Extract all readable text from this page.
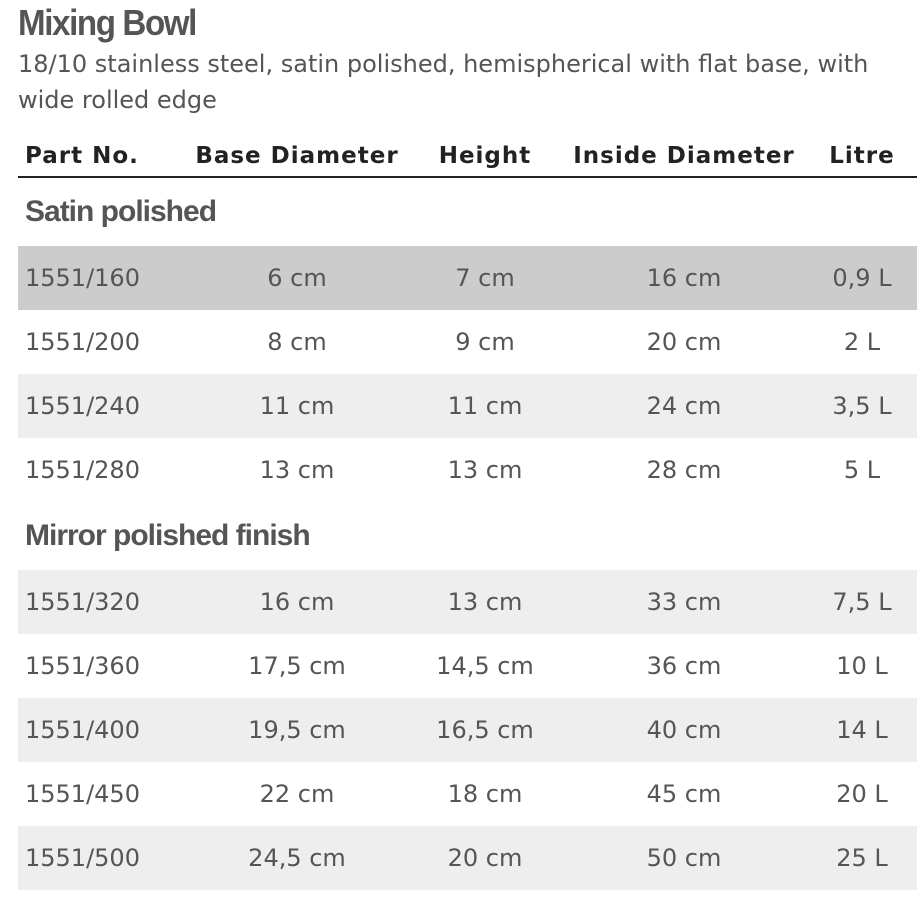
Mixing Bowl
18/10 stainless steel, satin polished, hemispherical with flat base, with wide rolled edge
Part No.	Base Diameter	Height	Inside Diameter	Litre
Satin polished				
1551/160	6 cm	7 cm	16 cm	0,9 L
1551/200	8 cm	9 cm	20 cm	2 L
1551/240	11 cm	11 cm	24 cm	3,5 L
1551/280	13 cm	13 cm	28 cm	5 L
Mirror polished finish				
1551/320	16 cm	13 cm	33 cm	7,5 L
1551/360	17,5 cm	14,5 cm	36 cm	10 L
1551/400	19,5 cm	16,5 cm	40 cm	14 L
1551/450	22 cm	18 cm	45 cm	20 L
1551/500	24,5 cm	20 cm	50 cm	25 L
